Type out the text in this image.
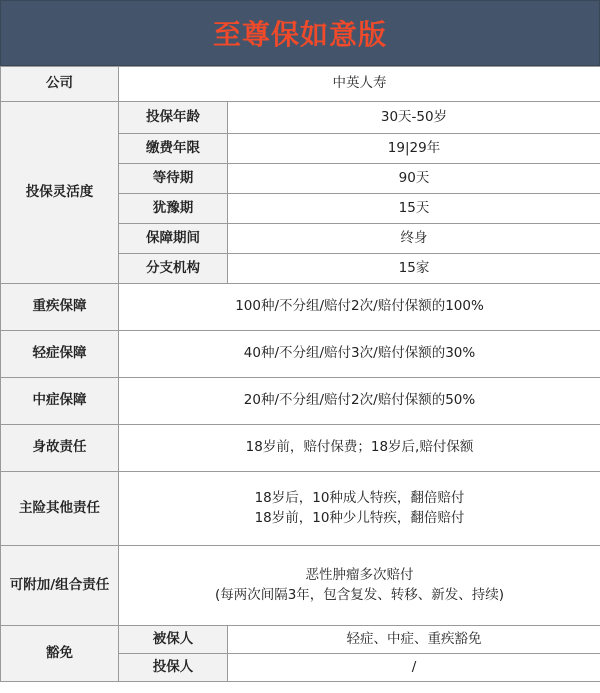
至尊保如意版
公司	中英人寿	
投保灵活度	投保年龄	30天-50岁
	缴费年限	19|29年
	等待期	90天
	犹豫期	15天
	保障期间	终身
	分支机构	15家
重疾保障	100种/不分组/赔付2次/赔付保额的100%	
轻症保障	40种/不分组/赔付3次/赔付保额的30%	
中症保障	20种/不分组/赔付2次/赔付保额的50%	
身故责任	18岁前，赔付保费；18岁后,赔付保额	
主险其他责任	18岁后，10种成人特疾，翻倍赔付
18岁前，10种少儿特疾，翻倍赔付	

可附加/组合责任	恶性肿瘤多次赔付
(每两次间隔3年，包含复发、转移、新发、持续)	

豁免	被保人	轻症、中症、重疾豁免
	投保人	/
